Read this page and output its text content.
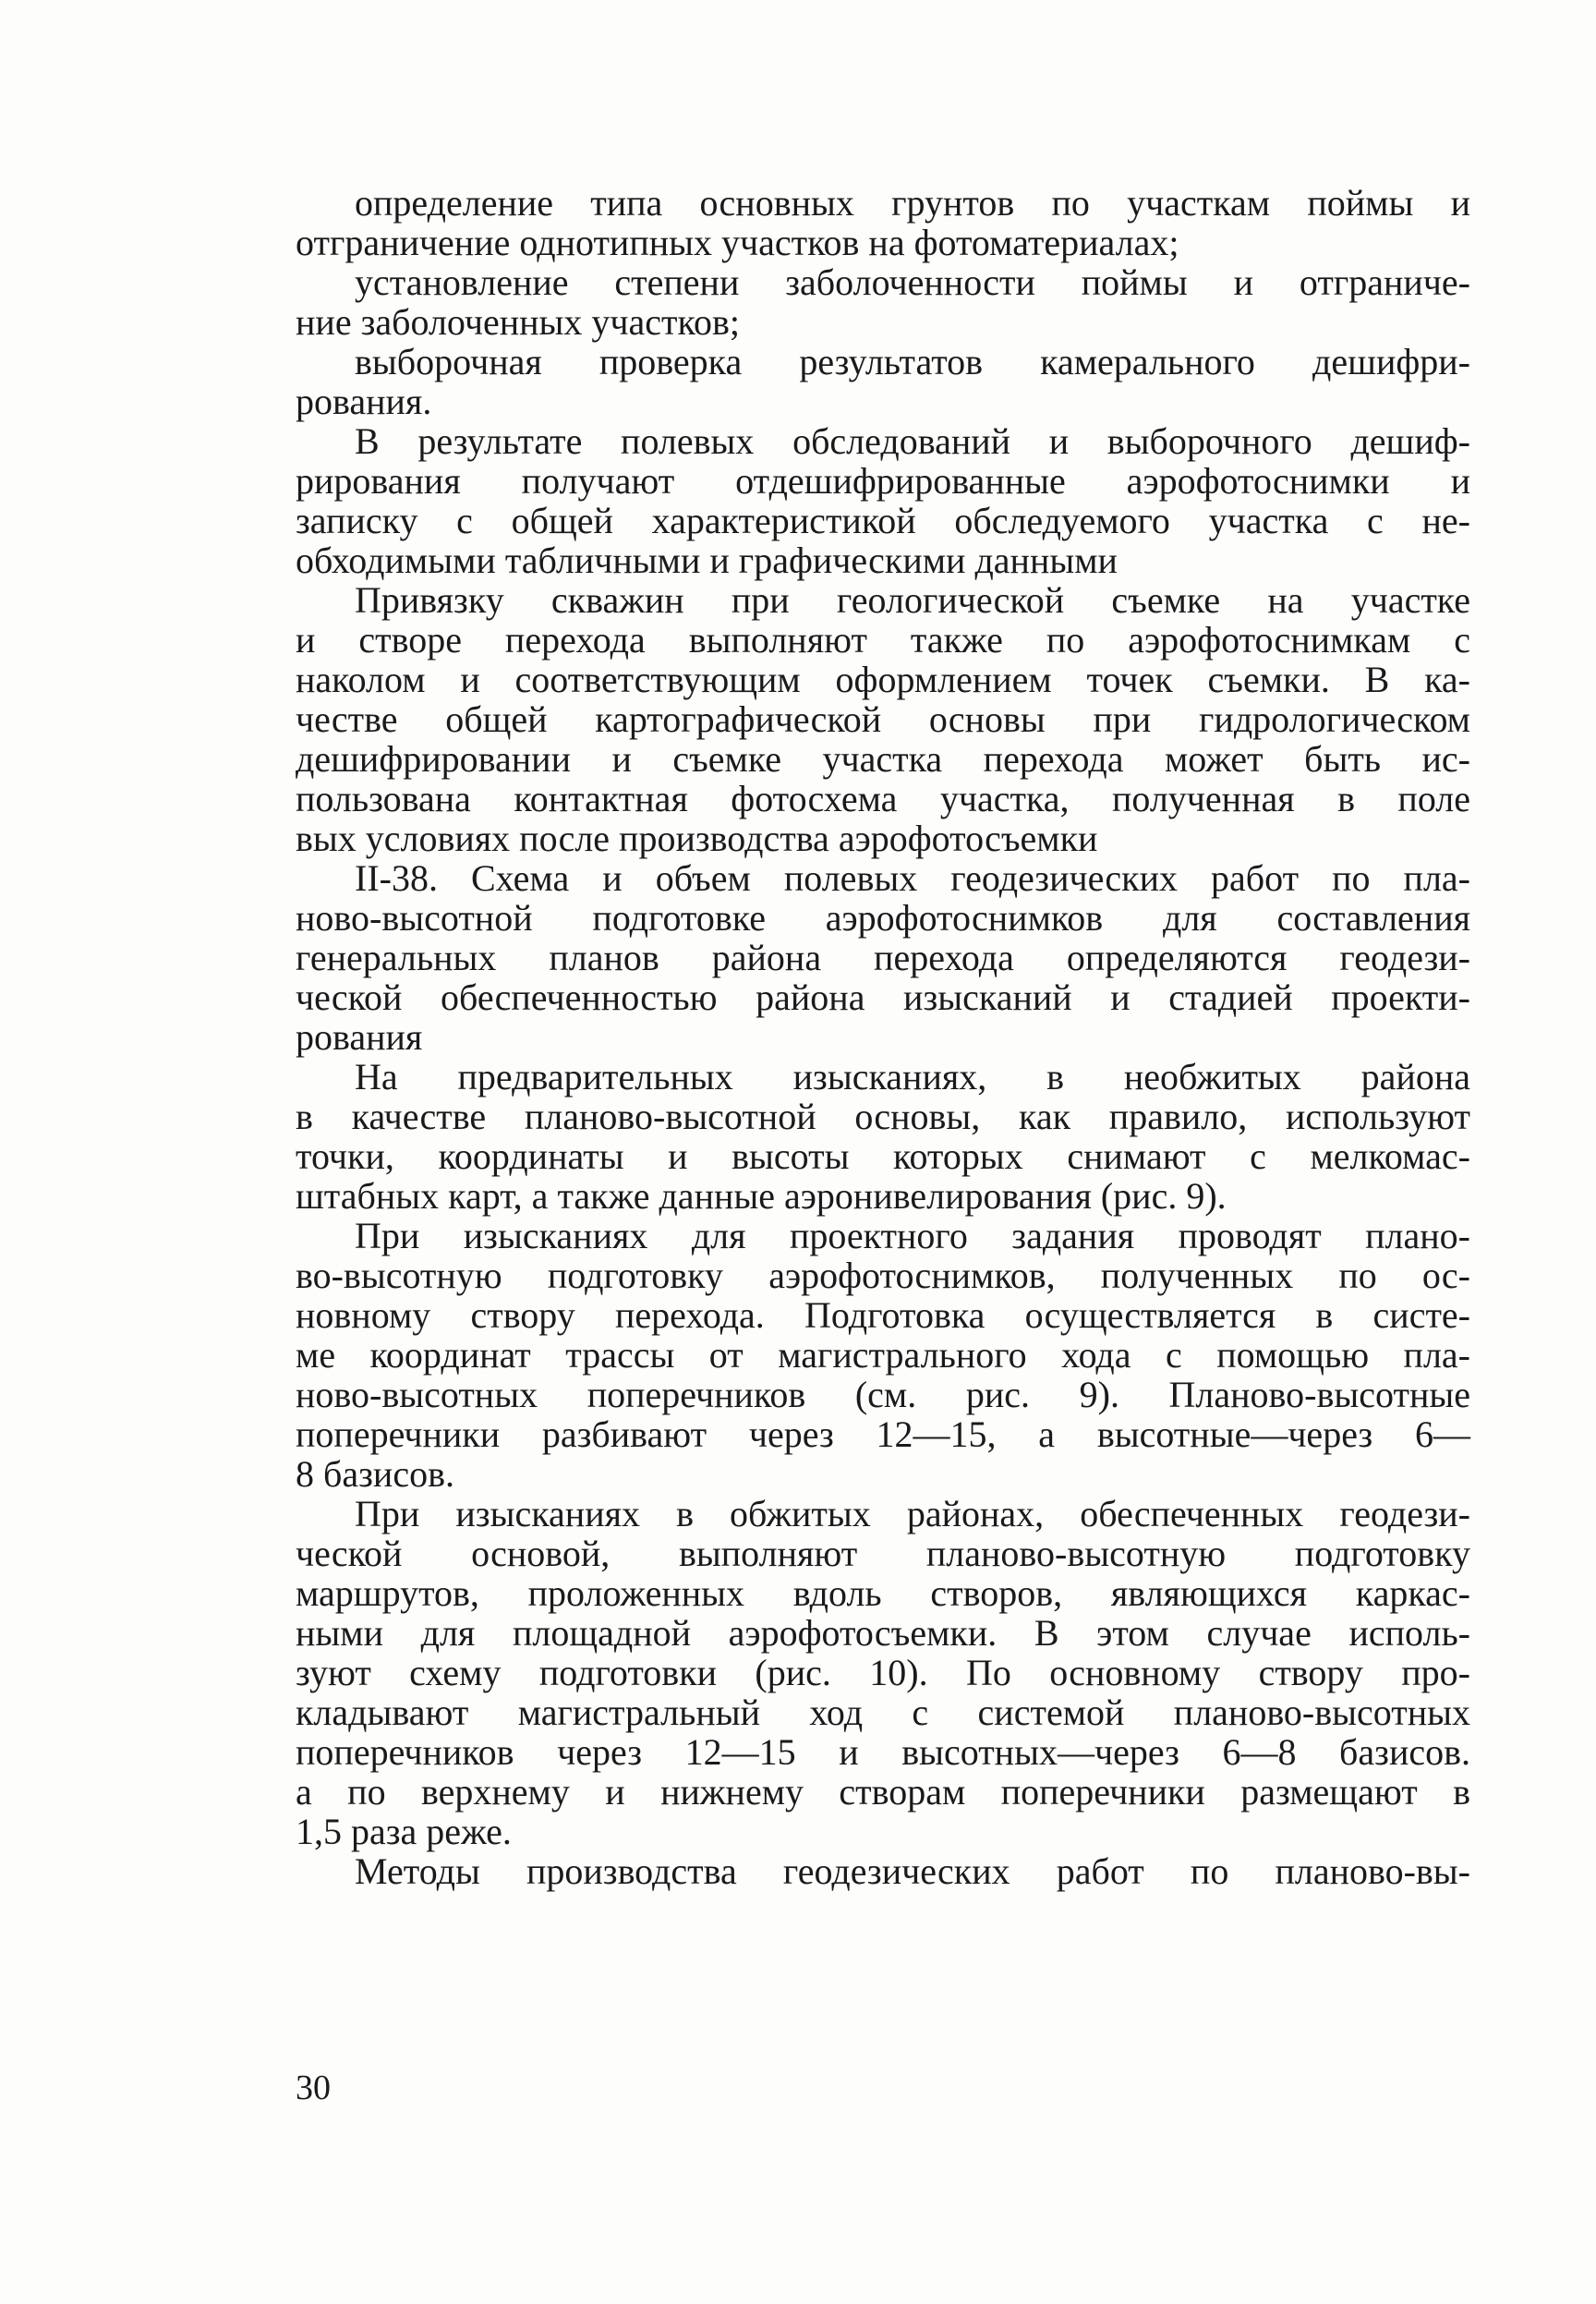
определение типа основных грунтов по участкам поймы и
отграничение однотипных участков на фотоматериалах;
установление степени заболоченности поймы и отграниче-
ние заболоченных участков;
выборочная проверка результатов камерального дешифри-
рования.
В результате полевых обследований и выборочного дешиф-
рирования получают отдешифрированные аэрофотоснимки и
записку с общей характеристикой обследуемого участка с не-
обходимыми табличными и графическими данными
Привязку скважин при геологической съемке на участке
и створе перехода выполняют также по аэрофотоснимкам с
наколом и соответствующим оформлением точек съемки. В ка-
честве общей картографической основы при гидрологическом
дешифрировании и съемке участка перехода может быть ис-
пользована контактная фотосхема участка, полученная в поле
вых условиях после производства аэрофотосъемки
II-38. Схема и объем полевых геодезических работ по пла-
ново-высотной подготовке аэрофотоснимков для составления
генеральных планов района перехода определяются геодези-
ческой обеспеченностью района изысканий и стадией проекти-
рования
На предварительных изысканиях, в необжитых района
в качестве планово-высотной основы, как правило, используют
точки, координаты и высоты которых снимают с мелкомас-
штабных карт, а также данные аэронивелирования (рис. 9).
При изысканиях для проектного задания проводят плано-
во-высотную подготовку аэрофотоснимков, полученных по ос-
новному створу перехода. Подготовка осуществляется в систе-
ме координат трассы от магистрального хода с помощью пла-
ново-высотных поперечников (см. рис. 9). Планово-высотные
поперечники разбивают через 12—15, а высотные—через 6—
8 базисов.
При изысканиях в обжитых районах, обеспеченных геодези-
ческой основой, выполняют планово-высотную подготовку
маршрутов, проложенных вдоль створов, являющихся каркас-
ными для площадной аэрофотосъемки. В этом случае исполь-
зуют схему подготовки (рис. 10). По основному створу про-
кладывают магистральный ход с системой планово-высотных
поперечников через 12—15 и высотных—через 6—8 базисов.
а по верхнему и нижнему створам поперечники размещают в
1,5 раза реже.
Методы производства геодезических работ по планово-вы-
30
